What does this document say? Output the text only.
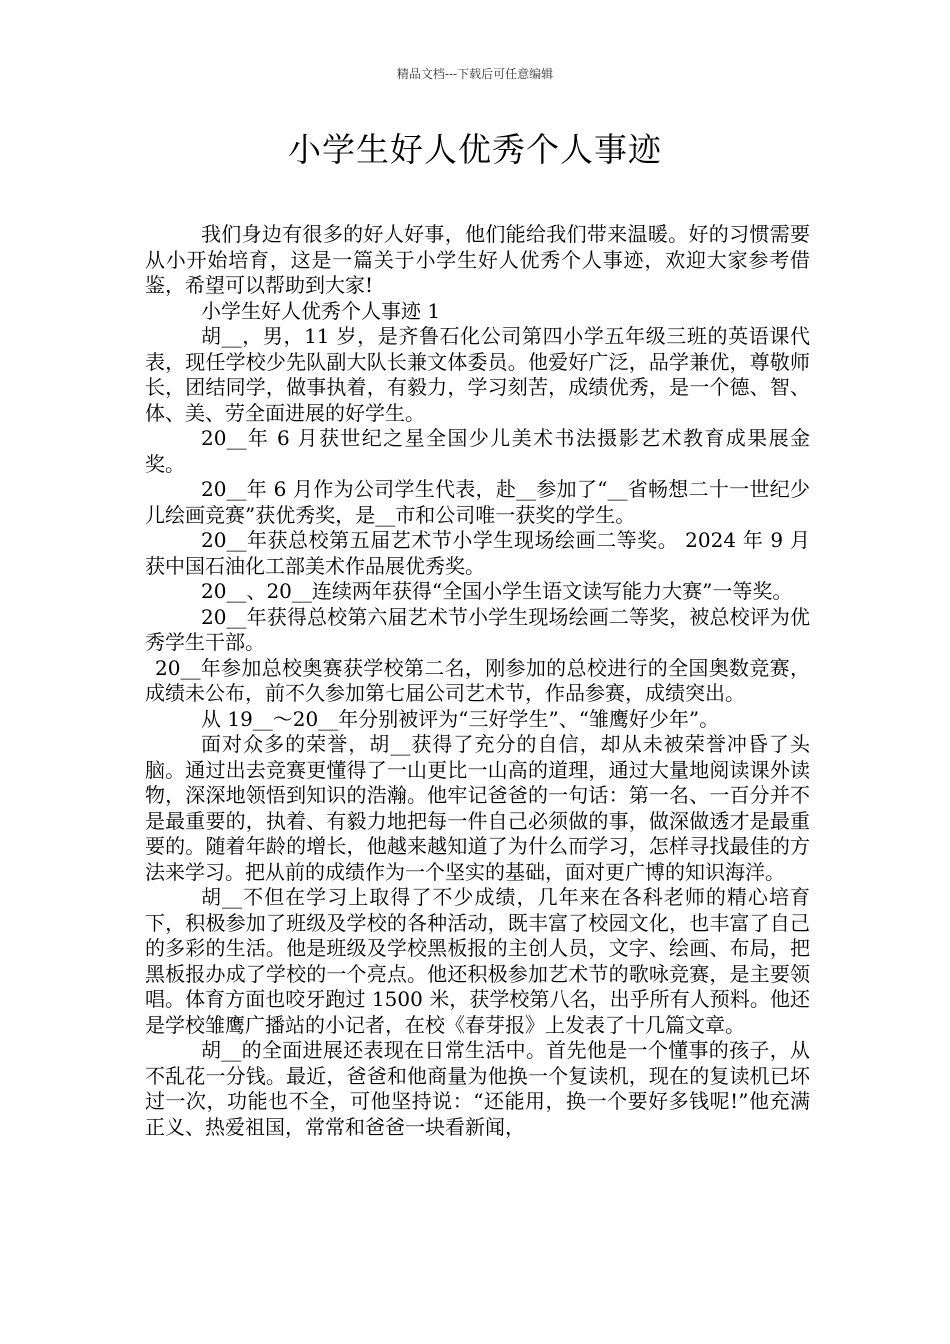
精品文档---下载后可任意编辑
小学生好人优秀个人事迹

我们身边有很多的好人好事，他们能给我们带来温暖。好的习惯需要从小开始培育，这是一篇关于小学生好人优秀个人事迹，欢迎大家参考借鉴，希望可以帮助到大家!

小学生好人优秀个人事迹 1

胡__，男，11 岁，是齐鲁石化公司第四小学五年级三班的英语课代表，现任学校少先队副大队长兼文体委员。他爱好广泛，品学兼优，尊敬师长，团结同学，做事执着，有毅力，学习刻苦，成绩优秀，是一个德、智、体、美、劳全面进展的好学生。

20__年 6 月获世纪之星全国少儿美术书法摄影艺术教育成果展金奖。

20__年 6 月作为公司学生代表，赴__参加了“__省畅想二十一世纪少儿绘画竞赛”获优秀奖，是__市和公司唯一获奖的学生。

20__年获总校第五届艺术节小学生现场绘画二等奖。 2024 年 9 月获中国石油化工部美术作品展优秀奖。

20__、20__连续两年获得“全国小学生语文读写能力大赛”一等奖。

20__年获得总校第六届艺术节小学生现场绘画二等奖，被总校评为优秀学生干部。

20__年参加总校奥赛获学校第二名，刚参加的总校进行的全国奥数竞赛，成绩未公布，前不久参加第七届公司艺术节，作品参赛，成绩突出。

从 19__～20__年分别被评为“三好学生”、“雏鹰好少年”。

面对众多的荣誉，胡__获得了充分的自信，却从未被荣誉冲昏了头脑。通过出去竞赛更懂得了一山更比一山高的道理，通过大量地阅读课外读物，深深地领悟到知识的浩瀚。他牢记爸爸的一句话：第一名、一百分并不是最重要的，执着、有毅力地把每一件自己必须做的事，做深做透才是最重要的。随着年龄的增长，他越来越知道了为什么而学习，怎样寻找最佳的方法来学习。把从前的成绩作为一个坚实的基础，面对更广博的知识海洋。

胡__不但在学习上取得了不少成绩，几年来在各科老师的精心培育下，积极参加了班级及学校的各种活动，既丰富了校园文化，也丰富了自己的多彩的生活。他是班级及学校黑板报的主创人员，文字、绘画、布局，把黑板报办成了学校的一个亮点。他还积极参加艺术节的歌咏竞赛，是主要领唱。体育方面也咬牙跑过 1500 米，获学校第八名，出乎所有人预料。他还是学校雏鹰广播站的小记者，在校《春芽报》上发表了十几篇文章。

胡__的全面进展还表现在日常生活中。首先他是一个懂事的孩子，从不乱花一分钱。最近，爸爸和他商量为他换一个复读机，现在的复读机已坏过一次，功能也不全，可他坚持说：“还能用，换一个要好多钱呢!”他充满正义、热爱祖国，常常和爸爸一块看新闻，
